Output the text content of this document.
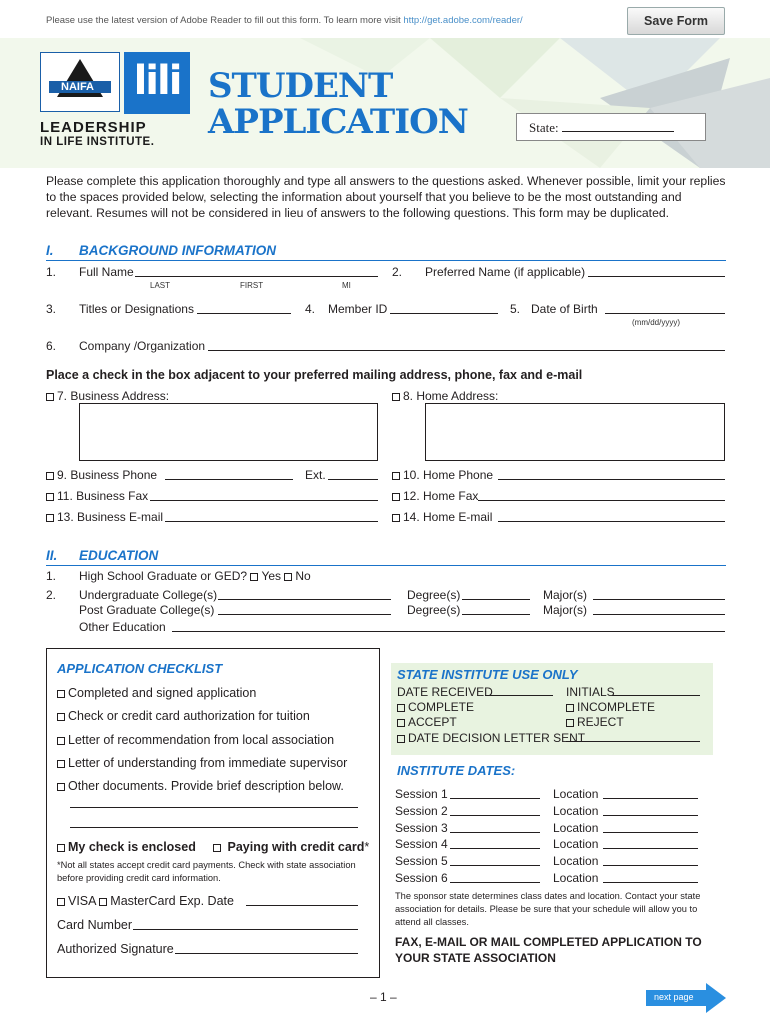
Please use the latest version of Adobe Reader to fill out this form. To learn more visit http://get.adobe.com/reader/	Save Form
NAIFA lili
LEADERSHIP
IN LIFE INSTITUTE.
STUDENT
APPLICATION	State:
Please complete this application thoroughly and type all answers to the questions asked. Whenever possible, limit your replies to the spaces provided below, selecting the information about yourself that you believe to be the most outstanding and relevant. Resumes will not be considered in lieu of answers to the following questions. This form may be duplicated.
I. BACKGROUND INFORMATION
1. Full Name
LAST	FIRST	MI
2. Preferred Name (if applicable)
3. Titles or Designations	4. Member ID	5. Date of Birth
(mm/dd/yyyy)
6. Company /Organization
Place a check in the box adjacent to your preferred mailing address, phone, fax and e-mail
7. Business Address:	8. Home Address:
9. Business Phone	Ext.	10. Home Phone
11. Business Fax	12. Home Fax
13. Business E-mail	14. Home E-mail
II. EDUCATION
1. High School Graduate or GED? Yes No
2. Undergraduate College(s)	Degree(s)	Major(s)
Post Graduate College(s)	Degree(s)	Major(s)
Other Education
APPLICATION CHECKLIST
Completed and signed application
Check or credit card authorization for tuition
Letter of recommendation from local association
Letter of understanding from immediate supervisor
Other documents. Provide brief description below.
My check is enclosed	Paying with credit card*
*Not all states accept credit card payments. Check with state association
before providing credit card information.
VISA MasterCard Exp. Date
Card Number
Authorized Signature
STATE INSTITUTE USE ONLY
DATE RECEIVED	INITIALS
COMPLETE	INCOMPLETE
ACCEPT	REJECT
DATE DECISION LETTER SENT
INSTITUTE DATES:
Session 1	Location
Session 2	Location
Session 3	Location
Session 4	Location
Session 5	Location
Session 6	Location
The sponsor state determines class dates and location. Contact your state
association for details. Please be sure that your schedule will allow you to
attend all classes.
FAX, E-MAIL OR MAIL COMPLETED APPLICATION TO
YOUR STATE ASSOCIATION
– 1 –	next page
